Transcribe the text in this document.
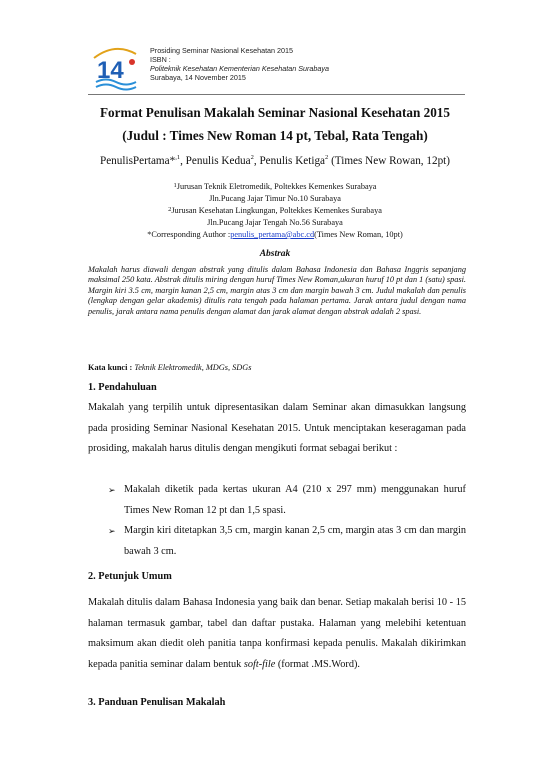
14
Prosiding Seminar Nasional Kesehatan 2015
ISBN :
Politeknik Kesehatan Kementerian Kesehatan Surabaya
Surabaya, 14 November 2015
Format Penulisan Makalah Seminar Nasional Kesehatan 2015
(Judul : Times New Roman 14 pt, Tebal, Rata Tengah)
PenulisPertama*$^{,1}$, Penulis Kedua$^2$, Penulis Ketiga$^2$ (Times New Rowan, 12pt)
$^1$Jurusan Teknik Eletromedik, Poltekkes Kemenkes Surabaya
Jln.Pucang Jajar Timur No.10 Surabaya
$^2$Jurusan Kesehatan Lingkungan, Poltekkes Kemenkes Surabaya
Jln.Pucang Jajar Tengah No.56 Surabaya
*Corresponding Author :penulis_pertama@abc.cd(Times New Roman, 10pt)
Abstrak
Makalah harus diawali dengan abstrak yang ditulis dalam Bahasa Indonesia dan Bahasa Inggris sepanjang maksimal 250 kata. Abstrak ditulis miring dengan huruf Times New Roman,ukuran huruf 10 pt dan 1 (satu) spasi. Margin kiri 3.5 cm, margin kanan 2,5 cm, margin atas 3 cm dan margin bawah 3 cm. Judul makalah dan penulis (lengkap dengan gelar akademis) ditulis rata tengah pada halaman pertama. Jarak antara judul dengan nama penulis, jarak antara nama penulis dengan alamat dan jarak alamat dengan abstrak adalah 2 spasi.
Kata kunci : Teknik Elektromedik, MDGs, SDGs
1. Pendahuluan
Makalah yang terpilih untuk dipresentasikan dalam Seminar akan dimasukkan langsung pada prosiding Seminar Nasional Kesehatan 2015. Untuk menciptakan keseragaman pada prosiding, makalah harus ditulis dengan mengikuti format sebagai berikut :
➢ Makalah diketik pada kertas ukuran A4 (210 x 297 mm) menggunakan huruf Times New Roman 12 pt dan 1,5 spasi.
➢ Margin kiri ditetapkan 3,5 cm, margin kanan 2,5 cm, margin atas 3 cm dan margin bawah 3 cm.
2. Petunjuk Umum
Makalah ditulis dalam Bahasa Indonesia yang baik dan benar. Setiap makalah berisi 10 - 15 halaman termasuk gambar, tabel dan daftar pustaka. Halaman yang melebihi ketentuan maksimum akan diedit oleh panitia tanpa konfirmasi kepada penulis. Makalah dikirimkan kepada panitia seminar dalam bentuk soft-file (format .MS.Word).
3. Panduan Penulisan Makalah
